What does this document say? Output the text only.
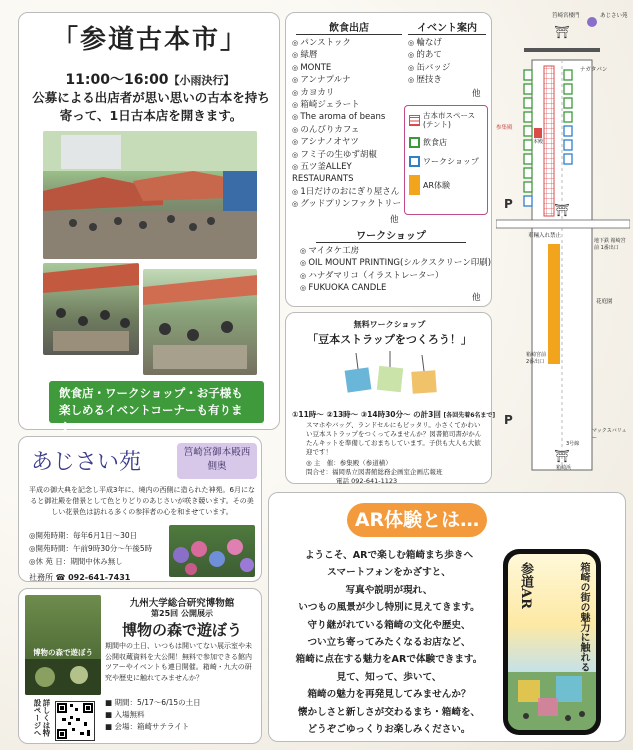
「参道古本市」
11:00～16:00【小雨決行】
公募による出店者が思い思いの古本を持ち寄って、1日古本店を開きます。
飲食店・ワークショップ・お子様も楽しめるイベントコーナーも有ります
あじさい苑	筥崎宮御本殿西側奥
平成の御大典を記念し平成3年に、境内の西側に造られた神苑。6月になると御社殿を借景として色とりどりのあじさいが咲き競います。その美しい花景色は訪れる多くの参拝者の心を和ませています。
◎開苑時期：毎年6月1日～30日
◎開苑時間：午前9時30分～午後5時
◎休 苑 日：期間中休み無し
社務所 ☎ 092-641-7431
九州大学総合研究博物館
第25回 公開展示
博物の森で遊ぼう
期間中の土日、いつもは開いてない展示室や未公開収蔵資料を大公開！無料で参加できる館内ツアーやイベントも連日開催。箱崎・九大の研究や歴史に触れてみませんか？
■ 期間：5/17～6/15の土日
■ 入場無料
■ 会場：箱崎サテライト
博物の森で遊ぼう
詳しくは特設ページへ
飲食出店
◎ パンストック
◎ 緑暦
◎ MONTE
◎ アンナプルナ
◎ カヨカリ
◎ 箱崎ジェラート
◎ The aroma of beans
◎ のんびりカフェ
◎ アシナノオヤツ
◎ フミ子の生ゆず胡椒
◎ 五ツ釜ALLEY RESTAURANTS
◎ 1日だけのおにぎり屋さん
◎ グッドプリンファクトリー
他
イベント案内
◎ 輪なげ
◎ 的あて
◎ 缶バッジ
◎ 歴技き
他
古本市スペース(テント)
飲食店
ワークショップ
AR体験
ワークショップ
◎ マイタケ工房
◎ OIL MOUNT PRINTING(シルクスクリーン印刷)
◎ ハナダマリコ（イラストレーター）
◎ FUKUOKA CANDLE
他
無料ワークショップ
「豆本ストラップをつくろう！」
①11時～ ②13時～ ③14時30分～ の計3回 [各回先着6名まで]
スマホやバッグ、ランドセルにもピッタリ。小さくてかわいい豆本ストラップをつくってみませんか？図書館司書がかんたんキットを準備しておまちしています。子供も大人も大歓迎です！
◎ 主　催：参集殿（参道横）
問合せ：福岡県立図書館総務企画室企画広報班
電話 092-641-1123
P
P
⛩
⛩
⛩
筥崎宮楼門	あじさい苑
参集殿
本殿
ナガタパン
車輛入れ禁止
地下鉄 箱崎宮前 1番出口
花庭園
マックスバリュー
3号線
箱崎浜
箱崎宮前 2番出口
AR体験とは…
ようこそ、ARで楽しむ箱崎まち歩きへ
スマートフォンをかざすと、
写真や説明が現れ、
いつもの風景が少し特別に見えてきます。
守り継がれている箱崎の文化や歴史、
つい立ち寄ってみたくなるお店など、
箱崎に点在する魅力をARで体験できます。
見て、知って、歩いて、
箱崎の魅力を再発見してみませんか？
懐かしさと新しさが交わるまち・箱崎を、
どうぞごゆっくりお楽しみください。
参道AR	箱崎の街の魅力に触れる
